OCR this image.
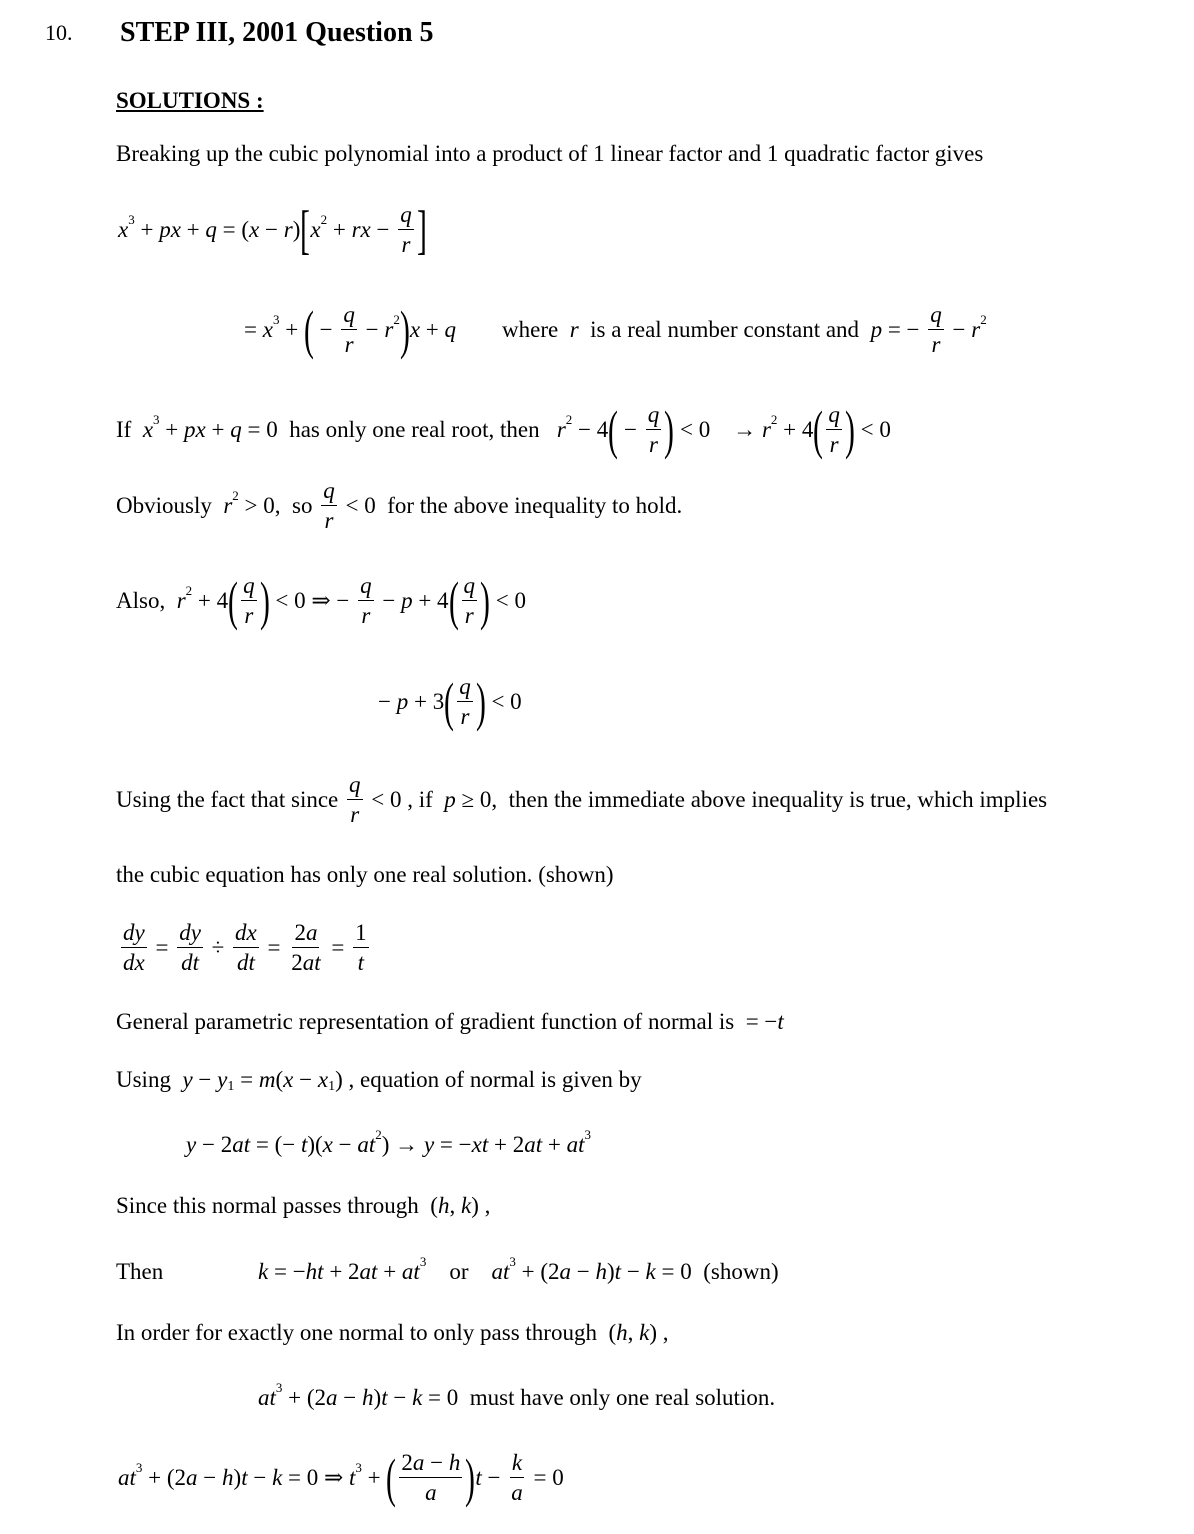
10. STEP III, 2001 Question 5
SOLUTIONS :
Breaking up the cubic polynomial into a product of 1 linear factor and 1 quadratic factor gives
x 3 + px + q = ( x − r ) [ x 2 + rx − $\frac{q}{r}$ ]
= x 3 + ( − $\frac{q}{r} - r$ 2 ) x + q where r is a real number constant and p = − $\frac{q}{r} - r$ 2
If x 3 + px + q = 0  has only one real root, then r 2 − 4 ( − $\frac{q}{r}$ ) < 0    → r 2 + 4 ( $\frac{q}{r}$ ) < 0
Obviously r 2 > 0,  so $\frac{q}{r} < 0$  for the above inequality to hold.
Also, r 2 + 4 ( $\frac{q}{r}$ ) < 0 ⇒ − $\frac{q}{r} - p + 4$ ( $\frac{q}{r}$ ) < 0
− p + 3 ( $\frac{q}{r}$ ) < 0
Using the fact that since $\frac{q}{r} < 0$ , if p ≥ 0,  then the immediate above inequality is true, which implies
the cubic equation has only one real solution. (shown)
$\frac{dy}{dx} = \frac{dy}{dt} \div \frac{dx}{dt} = \frac{2 a}{2 at} = \frac{1}{t}$
General parametric representation of gradient function of normal is  = − t
Using y − y 1 = m ( x − x 1 ) , equation of normal is given by
y − 2 at = (− t )( x − at 2 ) → y = − xt + 2 at + at 3
Since this normal passes through  ( h , k ) ,
Then	k = − ht + 2 at + at 3 or at 3 + (2 a − h ) t − k = 0  (shown)
In order for exactly one normal to only pass through  ( h , k ) ,
at 3 + (2 a − h ) t − k = 0  must have only one real solution.
at 3 + (2 a − h ) t − k = 0 ⇒ t 3 + ( $\frac{2 a - h}{a}$ ) $t - \frac{k}{a} = 0$
